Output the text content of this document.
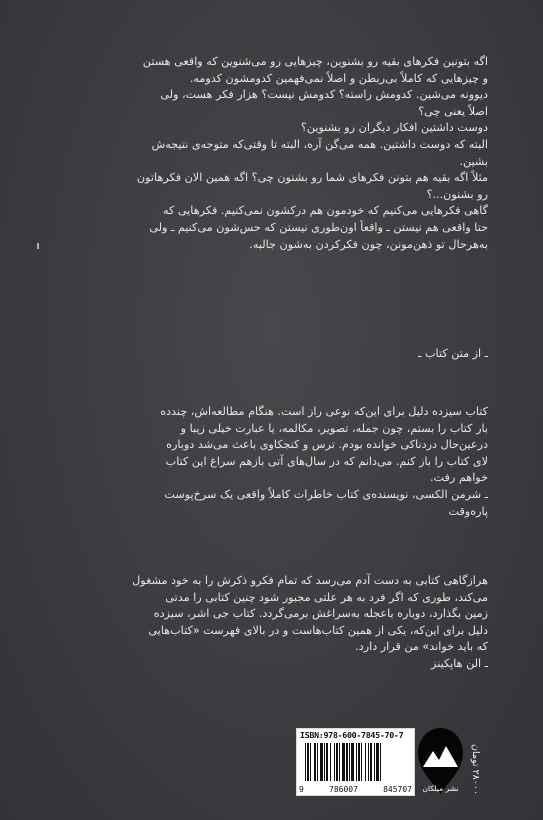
اگه بتونین فکرهای بقیه رو بشنوین، چیزهایی رو می‌شنوین که واقعی هستن
و چیزهایی که کاملاً بی‌ربطن و اصلاً نمی‌فهمین کدومشون کدومه.
دیوونه می‌شین. کدومش راسته؟ کدومش نیست؟ هزار فکر هست، ولی
اصلاً یعنی چی؟
دوست داشتین افکار دیگران رو بشنوین؟
البته که دوست داشتین. همه می‌گن آره، البته تا وقتی‌که متوجه‌ی نتیجه‌ش
بشین.
مثلاً اگه بقیه هم بتونن فکرهای شما رو بشنون چی؟ اگه همین الان فکرهاتون
رو بشنون...؟
گاهی فکرهایی می‌کنیم که خودمون هم درکشون نمی‌کنیم. فکرهایی که
حتا واقعی هم نیستن ـ واقعاً اون‌طوری نیستن که حس‌شون می‌کنیم ـ ولی
به‌هرحال تو ذهن‌مونن، چون فکرکردن به‌شون جالبه.
ـ از متن کتاب ـ
کتاب سیزده دلیل برای این‌که نوعی راز است. هنگام مطالعه‌اش، چندده
بار کتاب را بستم، چون جمله، تصویر، مکالمه، یا عبارت خیلی زیبا و
درعین‌حال دردناکی خوانده بودم. ترس و کنجکاوی باعث می‌شد دوباره
لای کتاب را باز کنم. می‌دانم که در سال‌های آتی بازهم سراغ این کتاب
خواهم رفت.
ـ شرمن الکسی، نویسنده‌ی کتاب خاطرات کاملاً واقعی یک سرخ‌پوست
پاره‌وقت
هرازگاهی کتابی به دست آدم می‌رسد که تمام فکرو ذکرش را به خود مشغول
می‌کند، طوری که اگر فرد به هر علتی مجبور شود چنین کتابی را مدتی
زمین بگذارد، دوباره باعجله به‌سراغش برمی‌گردد. کتاب جی اشر، سیزده
دلیل برای این‌که، یکی از همین کتاب‌هاست و در بالای فهرست «کتاب‌هایی
که باید خواند» من قرار دارد.
ـ الن هاپکینز
ISBN:978-600-7845-70-7
9	786007	845707	نشر میلکان
۲۸۰۰۰ تومان
